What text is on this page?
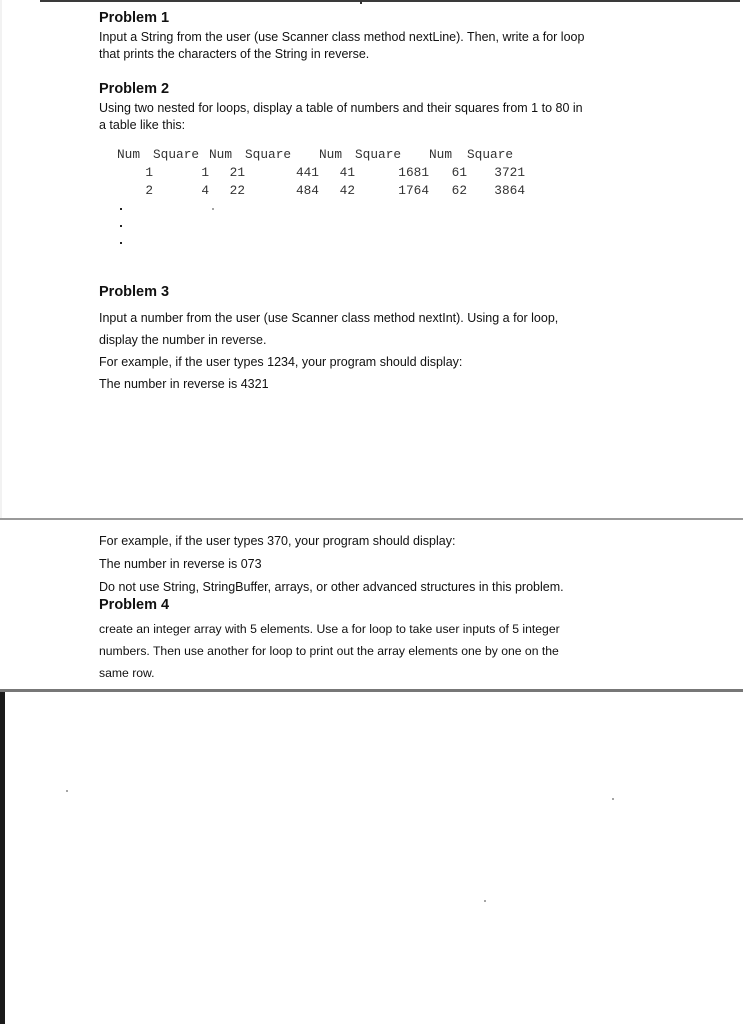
Problem 1

Input a String from the user (use Scanner class method nextLine). Then, write a for loop
that prints the characters of the String in reverse.

Problem 2

Using two nested for loops, display a table of numbers and their squares from 1 to 80 in
a table like this:

Num	Square Num	Square	Num	Square	Num	Square
1	1	21	441	41	1681	61	3721
2	4	22	484	42	1764	62	3864
Problem 3

Input a number from the user (use Scanner class method nextInt). Using a for loop,
display the number in reverse.
For example, if the user types 1234, your program should display:
The number in reverse is 4321

For example, if the user types 370, your program should display:
The number in reverse is 073
Do not use String, StringBuffer, arrays, or other advanced structures in this problem.

Problem 4

create an integer array with 5 elements. Use a for loop to take user inputs of 5 integer
numbers. Then use another for loop to print out the array elements one by one on the
same row.
